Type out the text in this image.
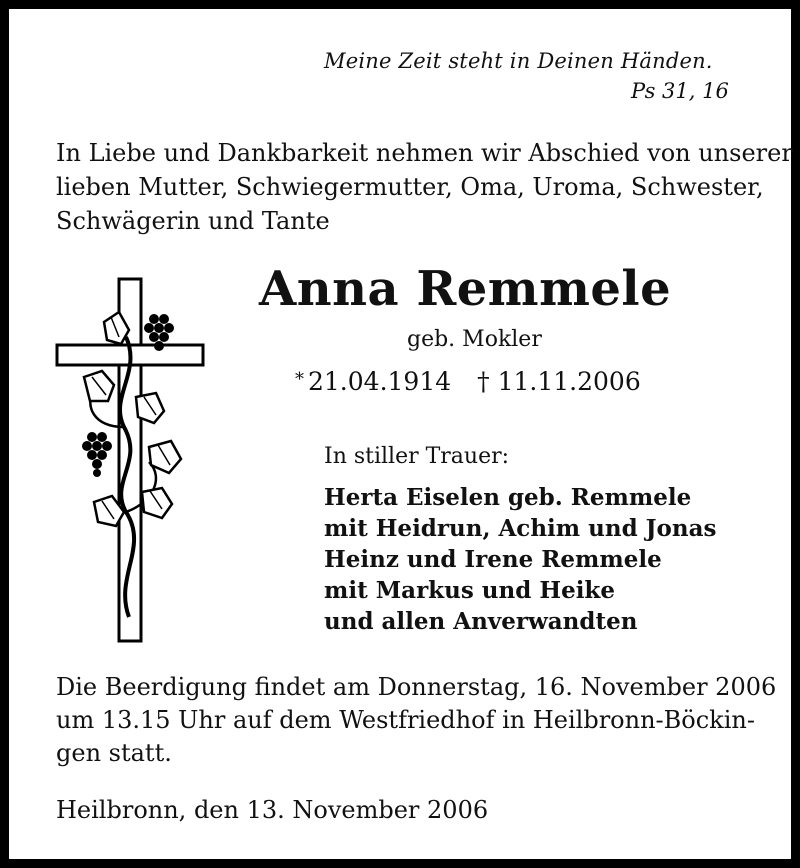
Meine Zeit steht in Deinen Händen.
Ps 31, 16
In Liebe und Dankbarkeit nehmen wir Abschied von unserer
lieben Mutter, Schwiegermutter, Oma, Uroma, Schwester,
Schwägerin und Tante
Anna Remmele
geb. Mokler
* 21.04.1914 † 11.11.2006
In stiller Trauer:
Herta Eiselen geb. Remmele
mit Heidrun, Achim und Jonas
Heinz und Irene Remmele
mit Markus und Heike
und allen Anverwandten
Die Beerdigung findet am Donnerstag, 16. November 2006
um 13.15 Uhr auf dem Westfriedhof in Heilbronn-Böckin-
gen statt.
Heilbronn, den 13. November 2006
